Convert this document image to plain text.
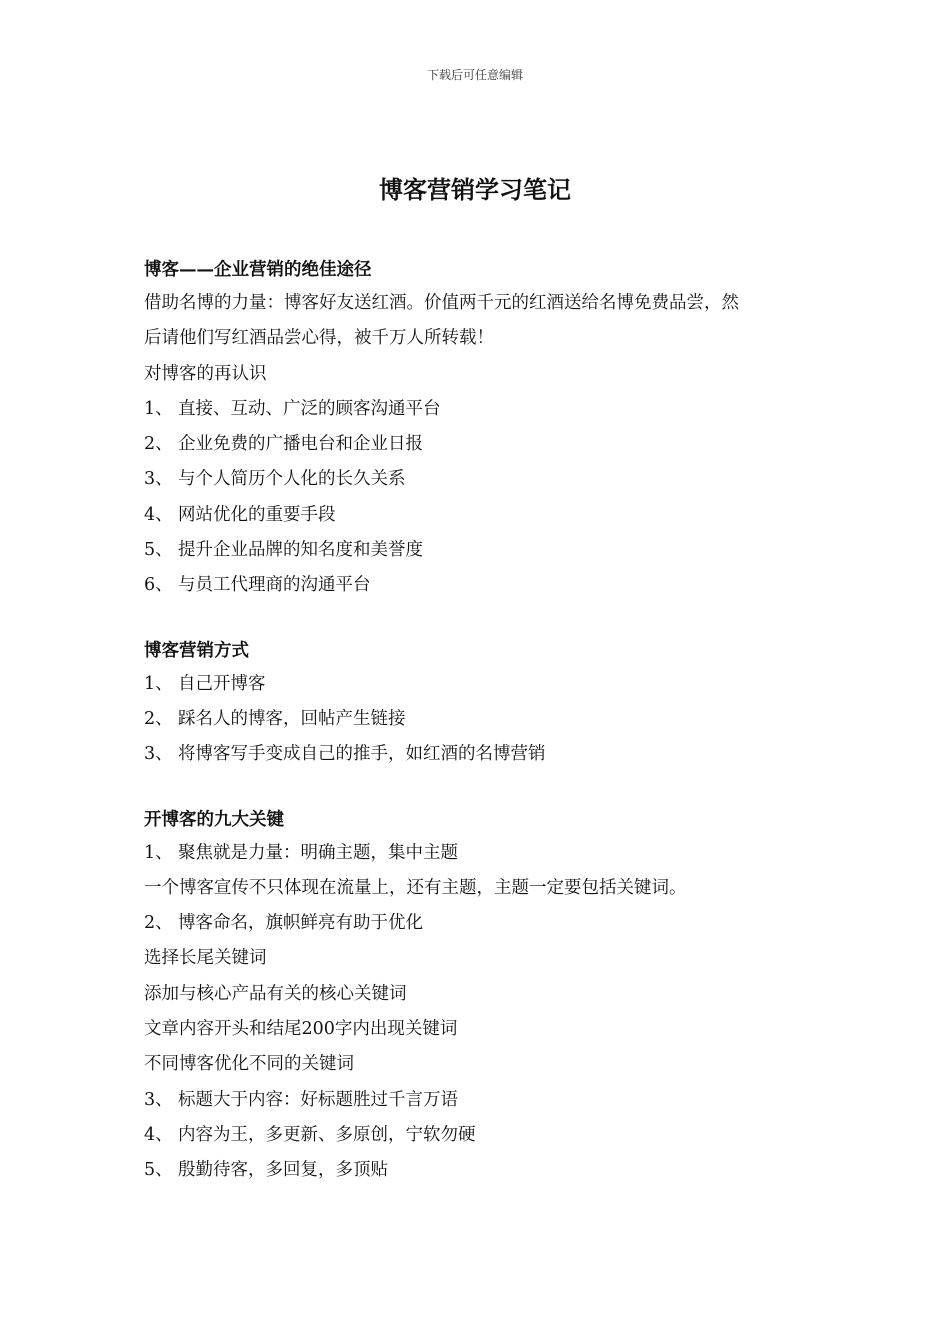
下载后可任意编辑
博客营销学习笔记

博客——企业营销的绝佳途径

借助名博的力量：博客好友送红酒。价值两千元的红酒送给名博免费品尝，然

后请他们写红酒品尝心得，被千万人所转载！

对博客的再认识

1、 直接、互动、广泛的顾客沟通平台

2、 企业免费的广播电台和企业日报

3、 与个人简历个人化的长久关系

4、 网站优化的重要手段

5、 提升企业品牌的知名度和美誉度

6、 与员工代理商的沟通平台

博客营销方式

1、 自己开博客

2、 踩名人的博客，回帖产生链接

3、 将博客写手变成自己的推手，如红酒的名博营销

开博客的九大关键

1、 聚焦就是力量：明确主题，集中主题

一个博客宣传不只体现在流量上，还有主题，主题一定要包括关键词。

2、 博客命名，旗帜鲜亮有助于优化

选择长尾关键词

添加与核心产品有关的核心关键词

文章内容开头和结尾200字内出现关键词

不同博客优化不同的关键词

3、 标题大于内容：好标题胜过千言万语

4、 内容为王，多更新、多原创，宁软勿硬

5、 殷勤待客，多回复，多顶贴
